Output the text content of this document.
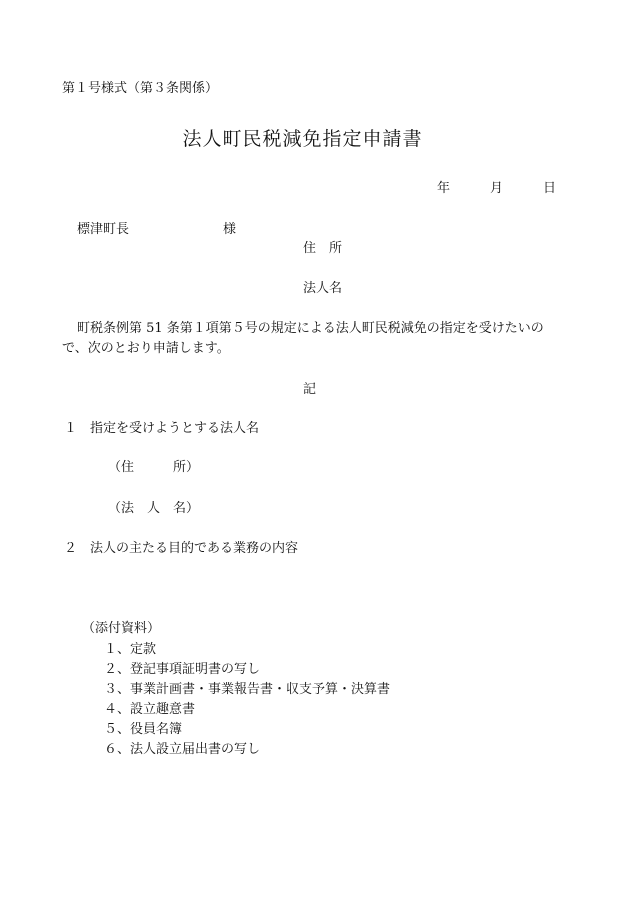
第１号様式（第３条関係）

法人町民税減免指定申請書
年	月	日
標津町長	様
住　所
法人名

町税条例第 51 条第１項第５号の規定による法人町民税減免の指定を受けたいので、次のとおり申請します。

記
１ 指定を受けようとする法人名
（住　　　所）
（法　人　名）
２ 法人の主たる目的である業務の内容
（添付資料）
１、定款
２、登記事項証明書の写し
３、事業計画書・事業報告書・収支予算・決算書
４、設立趣意書
５、役員名簿
６、法人設立届出書の写し
